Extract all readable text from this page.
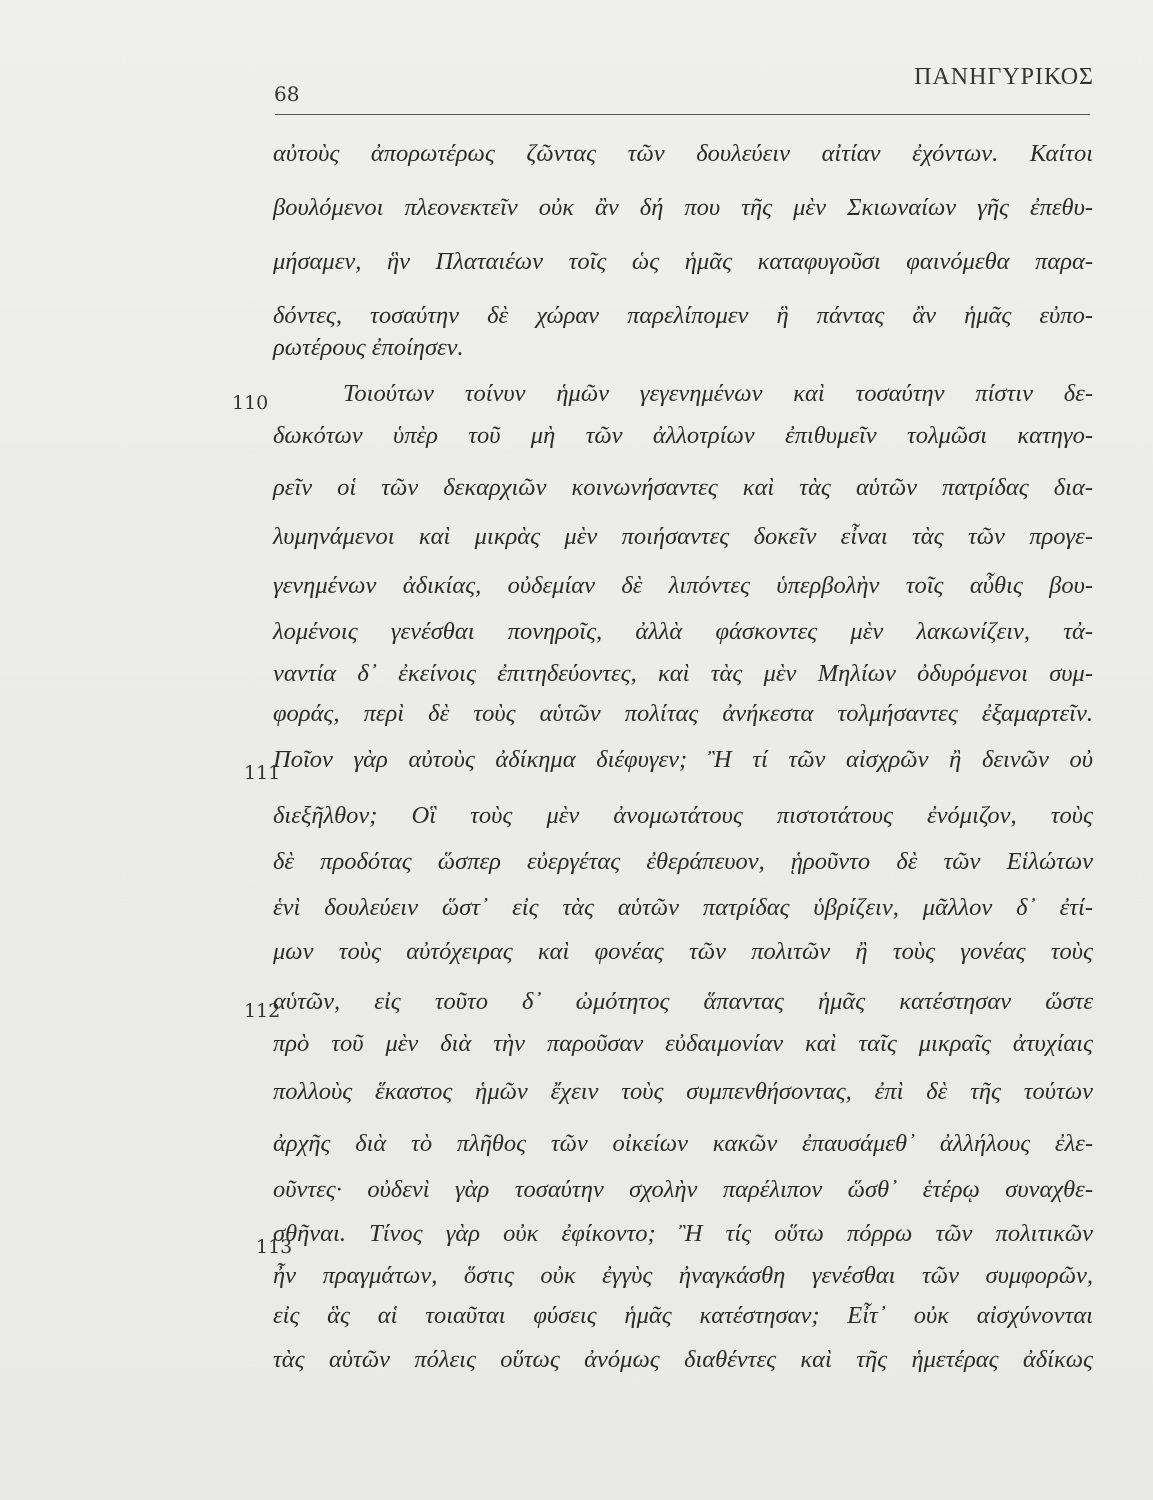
68
ΠΑΝΗΓΥΡΙΚΟΣ
αὐτοὺς ἀπορωτέρως ζῶντας τῶν δουλεύειν αἰτίαν ἐχόντων. Καίτοι
βουλόμενοι πλεονεκτεῖν οὐκ ἂν δή που τῆς μὲν Σκιωναίων γῆς ἐπεθυ-
μήσαμεν, ἣν Πλαταιέων τοῖς ὡς ἡμᾶς καταφυγοῦσι φαινόμεθα παρα-
δόντες, τοσαύτην δὲ χώραν παρελίπομεν ἣ πάντας ἂν ἡμᾶς εὐπο-
ρωτέρους ἐποίησεν.
110	Τοιούτων τοίνυν ἡμῶν γεγενημένων καὶ τοσαύτην πίστιν δε-
δωκότων ὑπὲρ τοῦ μὴ τῶν ἀλλοτρίων ἐπιθυμεῖν τολμῶσι κατηγο-
ρεῖν οἱ τῶν δεκαρχιῶν κοινωνήσαντες καὶ τὰς αὑτῶν πατρίδας δια-
λυμηνάμενοι καὶ μικρὰς μὲν ποιήσαντες δοκεῖν εἶναι τὰς τῶν προγε-
γενημένων ἀδικίας, οὐδεμίαν δὲ λιπόντες ὑπερβολὴν τοῖς αὖθις βου-
λομένοις γενέσθαι πονηροῖς, ἀλλὰ φάσκοντες μὲν λακωνίζειν, τἀ-
ναντία δ᾽ ἐκείνοις ἐπιτηδεύοντες, καὶ τὰς μὲν Μηλίων ὀδυρόμενοι συμ-
φοράς, περὶ δὲ τοὺς αὑτῶν πολίτας ἀνήκεστα τολμήσαντες ἐξαμαρτεῖν.
111
Ποῖον γὰρ αὐτοὺς ἀδίκημα διέφυγεν; Ἢ τί τῶν αἰσχρῶν ἢ δεινῶν οὐ
διεξῆλθον; Οἳ τοὺς μὲν ἀνομωτάτους πιστοτάτους ἐνόμιζον, τοὺς
δὲ προδότας ὥσπερ εὐεργέτας ἐθεράπευον, ᾑροῦντο δὲ τῶν Εἱλώτων
ἑνὶ δουλεύειν ὥστ᾽ εἰς τὰς αὑτῶν πατρίδας ὑβρίζειν, μᾶλλον δ᾽ ἐτί-
μων τοὺς αὐτόχειρας καὶ φονέας τῶν πολιτῶν ἢ τοὺς γονέας τοὺς
112
αὑτῶν, εἰς τοῦτο δ᾽ ὠμότητος ἅπαντας ἡμᾶς κατέστησαν ὥστε
πρὸ τοῦ μὲν διὰ τὴν παροῦσαν εὐδαιμονίαν καὶ ταῖς μικραῖς ἀτυχίαις
πολλοὺς ἕκαστος ἡμῶν ἔχειν τοὺς συμπενθήσοντας, ἐπὶ δὲ τῆς τούτων
ἀρχῆς διὰ τὸ πλῆθος τῶν οἰκείων κακῶν ἐπαυσάμεθ᾽ ἀλλήλους ἐλε-
οῦντες· οὐδενὶ γὰρ τοσαύτην σχολὴν παρέλιπον ὥσθ᾽ ἑτέρῳ συναχθε-
113
σθῆναι. Τίνος γὰρ οὐκ ἐφίκοντο; Ἢ τίς οὕτω πόρρω τῶν πολιτικῶν
ἦν πραγμάτων, ὅστις οὐκ ἐγγὺς ἠναγκάσθη γενέσθαι τῶν συμφορῶν,
εἰς ἃς αἱ τοιαῦται φύσεις ἡμᾶς κατέστησαν; Εἶτ᾽ οὐκ αἰσχύνονται
τὰς αὑτῶν πόλεις οὕτως ἀνόμως διαθέντες καὶ τῆς ἡμετέρας ἀδίκως
